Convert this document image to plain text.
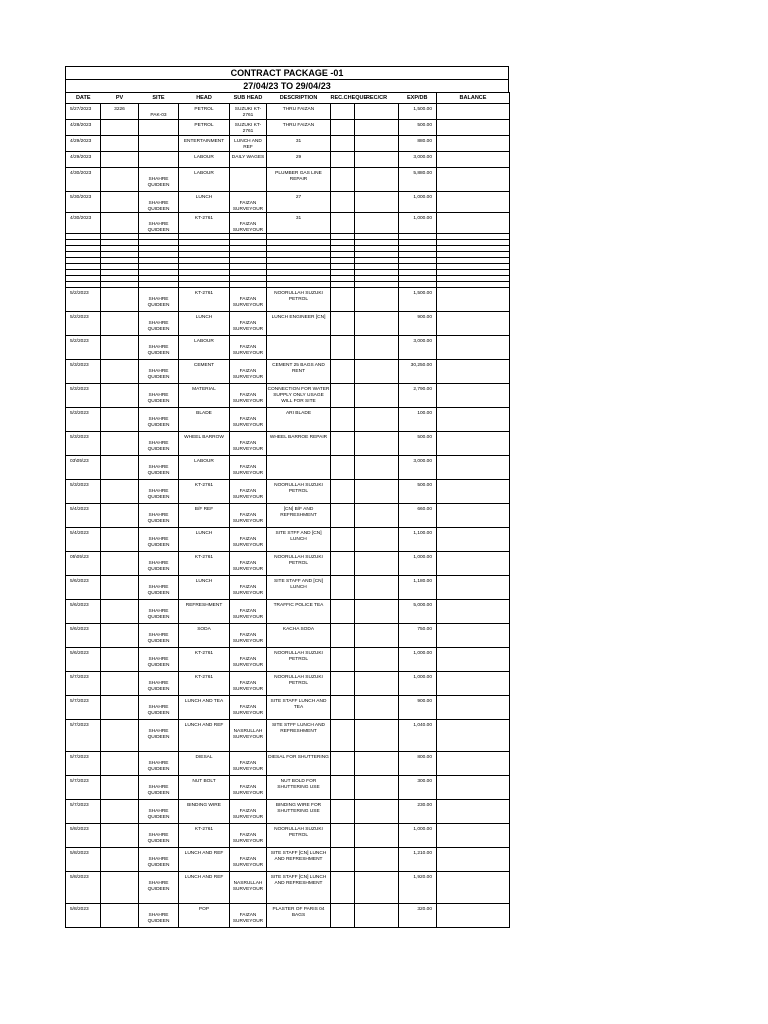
CONTRACT PACKAGE -01
27/04/23 TO 29/04/23
DATE	PV	SITE	HEAD	SUB HEAD	DESCRIPTION	REC.CHEQUE	REC/CR	EXP/DB	BALANCE

5/27/2023	3226	PAK-03	PETROL	SUZUKI KT-2761	THRU FAIZAN			1,500.00	

4/28/2023			PETROL	SUZUKI KT-2761	THRU FAIZAN			500.00	

4/29/2023			ENTERTAINMENT	LUNCH AND REF	31			880.00	

4/29/2023			LABOUR	DAILY WAGES	29			3,000.00	

4/30/2023		SHAHRE QUIDEEN	LABOUR		PLUMBER GAS LINE REPAIR			5,880.00	

5/30/2023		SHAHRE QUIDEEN	LUNCH	FAIZAN SURVEYOUR	27			1,000.00	

4/30/2023		SHAHRE QUIDEEN	KT-2761	FAIZAN SURVEYOUR	31			1,000.00	

5/2/2023		SHAHRE QUIDEEN	KT-2761	FAIZAN SURVEYOUR	NOORULLAH SUZUKI PETROL			1,500.00	

5/2/2023		SHAHRE QUIDEEN	LUNCH	FAIZAN SURVEYOUR	LUNCH ENGINEER [CN]			900.00	

5/2/2023		SHAHRE QUIDEEN	LABOUR	FAIZAN SURVEYOUR				3,000.00	

5/3/2023		SHAHRE QUIDEEN	CEMENT	FAIZAN SURVEYOUR	CEMENT 25 BAGS AND RENT			30,250.00	

5/3/2023		SHAHRE QUIDEEN	MATERIAL	FAIZAN SURVEYOUR	CONNECTION FOR WATER SUPPLY ONLY USAGE WILL FOR SITE			2,790.00	

5/3/2023		SHAHRE QUIDEEN	BLADE	FAIZAN SURVEYOUR	ARI BLADE			100.00	

5/3/2023		SHAHRE QUIDEEN	WHEEL BARROW	FAIZAN SURVEYOUR	WHEEL BARROE REPAIR			500.00	

03\05\23		SHAHRE QUIDEEN	LABOUR	FAIZAN SURVEYOUR				3,000.00	

5/3/2023		SHAHRE QUIDEEN	KT-2761	FAIZAN SURVEYOUR	NOORULLAH SUZUKI PETROL			500.00	

5/4/2023		SHAHRE QUIDEEN	B/F REF	FAIZAN SURVEYOUR	[CN] B/F AND REFRESHMENT			660.00	

5/4/2023		SHAHRE QUIDEEN	LUNCH	FAIZAN SURVEYOUR	SITE STFF AND [CN] LUNCH			1,100.00	

05\05\23		SHAHRE QUIDEEN	KT-2761	FAIZAN SURVEYOUR	NOORULLAH SUZUKI PETROL			1,000.00	

5/6/2023		SHAHRE QUIDEEN	LUNCH	FAIZAN SURVEYOUR	SITE STAFF AND [CN] LUNCH			1,180.00	

5/6/2023		SHAHRE QUIDEEN	REFRESHMENT	FAIZAN SURVEYOUR	TRAFFIC POLICE TEA			5,000.00	

5/6/2023		SHAHRE QUIDEEN	SODA	FAIZAN SURVEYOUR	KACHA SODA			750.00	

5/6/2023		SHAHRE QUIDEEN	KT-2761	FAIZAN SURVEYOUR	NOORULLAH SUZUKI PETROL			1,000.00	

5/7/2023		SHAHRE QUIDEEN	KT-2761	FAIZAN SURVEYOUR	NOORULLAH SUZUKI PETROL			1,000.00	

5/7/2023		SHAHRE QUIDEEN	LUNCH AND TEA	FAIZAN SURVEYOUR	SITE STAFF LUNCH AND TEA			900.00	

5/7/2023		SHAHRE QUIDEEN	LUNCH AND REF	NASRULLAH SURVEYOUR	SITE STFF LUNCH AND REFRESHMENT			1,040.00	

5/7/2023		SHAHRE QUIDEEN	DIESAL	FAIZAN SURVEYOUR	DIESAL FOR SHUTTERING			800.00	

5/7/2023		SHAHRE QUIDEEN	NUT BOLT	FAIZAN SURVEYOUR	NUT BOLD FOR SHUTTERING USE			300.00	

5/7/2023		SHAHRE QUIDEEN	BINDING WIRE	FAIZAN SURVEYOUR	BINDING WIRE FOR SHUTTERING USE			230.00	

5/8/2023		SHAHRE QUIDEEN	KT-2761	FAIZAN SURVEYOUR	NOORULLAH SUZUKI PETROL			1,000.00	

5/8/2023		SHAHRE QUIDEEN	LUNCH AND REF	FAIZAN SURVEYOUR	SITE STAFF [CN] LUNCH AND REFRESHMENT			1,210.00	

5/8/2023		SHAHRE QUIDEEN	LUNCH AND REF	NASRULLAH SURVEYOUR	SITE STAFF [CN] LUNCH AND REFRESHMENT			1,920.00	

5/8/2023		SHAHRE QUIDEEN	POP	FAIZAN SURVEYOUR	PLASTER OF PARIS 04 BAGS			320.00	
